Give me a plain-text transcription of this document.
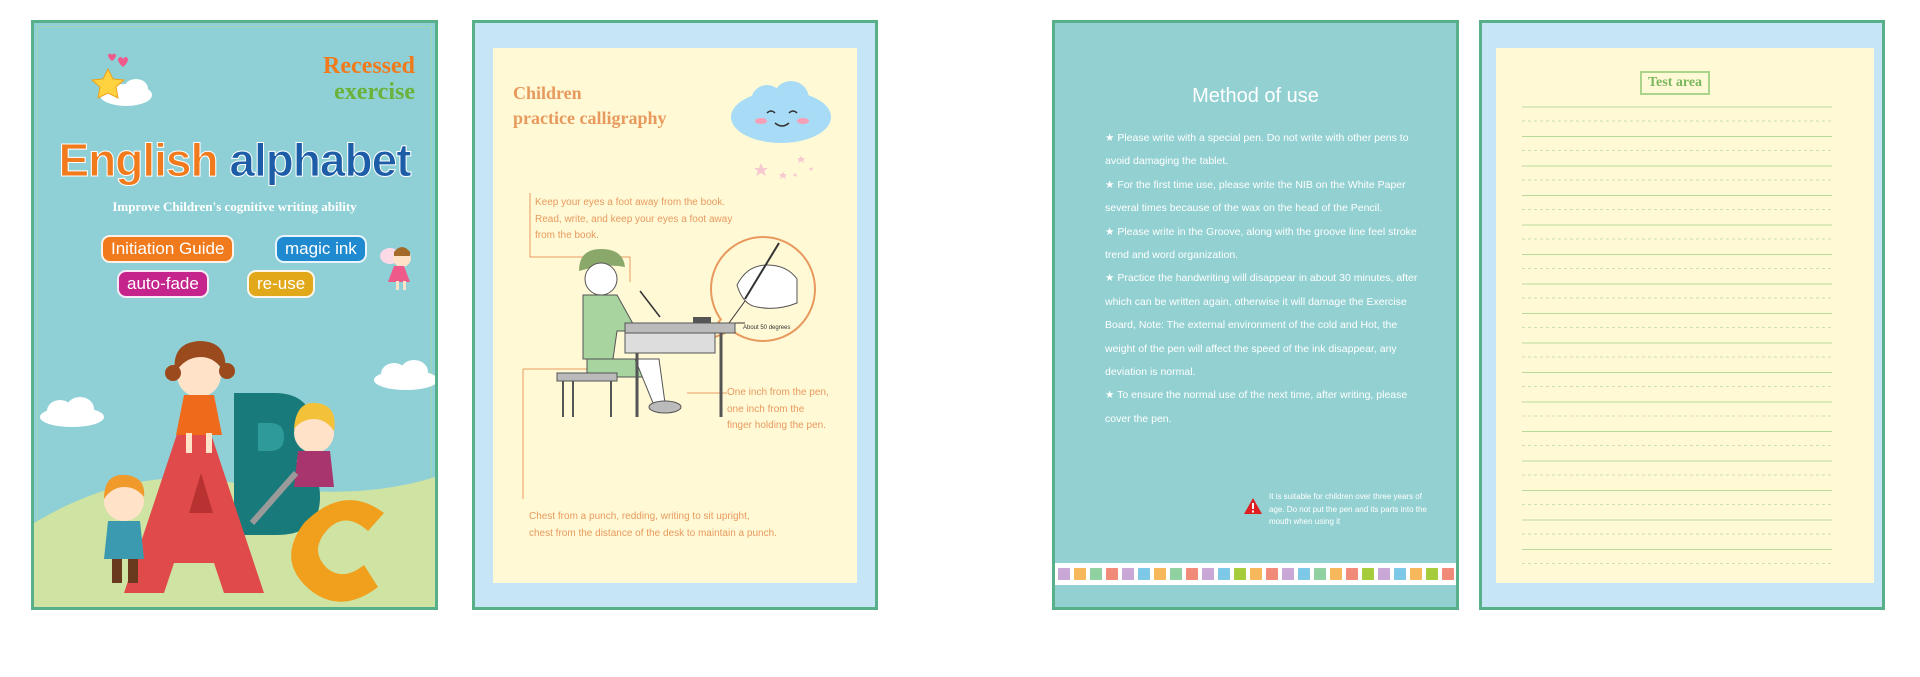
Recessed
exercise
English alphabet
Improve Children's cognitive writing ability
Initiation Guide	magic ink
auto-fade	re-use
Children
practice calligraphy
Keep your eyes a foot away from the book.
Read, write, and keep your eyes a foot away
from the book.
About 50 degrees
One inch from the pen,
one inch from the
finger holding the pen.
Chest from a punch, redding, writing to sit upright,
chest from the distance of the desk to maintain a punch.
Method of use
★ Please write with a special pen. Do not write with other pens to avoid damaging the tablet.
★ For the first time use, please write the NIB on the White Paper several times because of the wax on the head of the Pencil.
★ Please write in the Groove, along with the groove line feel stroke trend and word organization.
★ Practice the handwriting will disappear in about 30 minutes, after which can be written again, otherwise it will damage the Exercise Board, Note: The external environment of the cold and Hot, the weight of the pen will affect the speed of the ink disappear, any deviation is normal.
★ To ensure the normal use of the next time, after writing, please cover the pen.
It is suitable for children over three years of age. Do not put the pen and its parts into the mouth when using it
Test area
